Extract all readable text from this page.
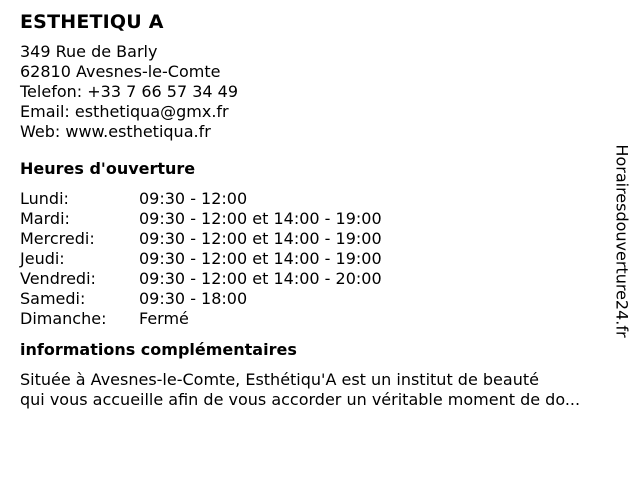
ESTHETIQU A
349 Rue de Barly
62810 Avesnes-le-Comte
Telefon: +33 7 66 57 34 49
Email: esthetiqua@gmx.fr
Web: www.esthetiqua.fr
Heures d'ouverture
Lundi:	09:30 - 12:00
Mardi:	09:30 - 12:00 et 14:00 - 19:00
Mercredi:	09:30 - 12:00 et 14:00 - 19:00
Jeudi:	09:30 - 12:00 et 14:00 - 19:00
Vendredi:	09:30 - 12:00 et 14:00 - 20:00
Samedi:	09:30 - 18:00
Dimanche:	Fermé
informations complémentaires
Située à Avesnes-le-Comte, Esthétiqu'A est un institut de beauté
qui vous accueille afin de vous accorder un véritable moment de do...
Horairesdouverture24.fr
